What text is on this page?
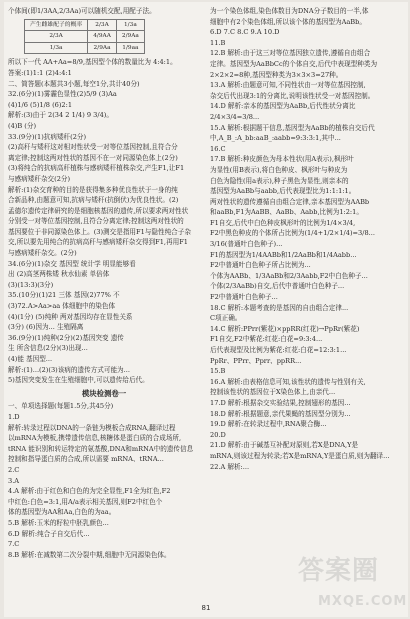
个体间(即1/3AA,2/3Aa)可以随机交配,用配子法。
产生雌雄配子的概率	2/3A	1/3a
2/3A	4/9AA	2/9Aa
1/3a	2/9Aa	1/9aa
所以下一代 AA+Aa=8/9,基因型个体的数量比为 4:4:1。
答案:(1)1:1 (2)4:4:1
二、简答题(本题共3小题,每空1分,共计40分)
32.(6分)(1)雾霾色显性(2)5/9 (3)Aa
(4)1/6 (5)1/8 (6)2:1
解析:(3)由于 2(34 2 1/4) 9 3/4)。
(4)B (分)
33.(9分)(1)抗病矮秆(2分)
(2)高秆与矮秆这对相对性状受一对等位基因控制,且符合分
离定律;控制这两对性状的基因不在一对同源染色体上(2分)
(3)将纯合的抗病高秆植株与感病矮秆植株杂交,产生F1,让F1
与感病矮秆杂交(2分)
解析:(1)杂交育种的目的是获得集多种优良性状于一身的纯
合新品种,由题意可知,抗病与矮秆(抗倒伏)为优良性状。(2)
孟德尔遗传定律研究的是细胞核基因的遗传,所以要求两对性状
分别受一对等位基因控制,且符合分离定律;控制这两对性状的
基因要位于非同源染色体上。(3)测交是指用F1与隐性纯合子杂
交,所以要先用纯合的抗病高秆与感病矮秆杂交得到F1,再用F1
与感病矮秆杂交。(2分)
34.(6分)(1)杂交 基因型 统计学 明显能够看
出 (2)高茎两株矮 秋水仙素 单倍体
(3)(13:3)(3分)
35.(10分)(1)21 三体 基因(2)77% 不
(3)72.A>Aa>aa 体细胞中的染色体
(4)(1分) (5)纯种 两对基因均存在显性关系
(3分) (6)因为... 生殖隔离
36.(9分)(1)纯种(2分)(2)基因突变 遗传
生 所含信息(2分)(3)出现...
(4)能 基因型...
解析:(1)...(2)(3)该病的遗传方式可能为...
5)基因突变发生在生殖细胞中,可以遗传给后代。
模块检测卷一
一、单项选择题(每题1.5分,共45分)
1.D
解析:转录过程以DNA的一条链为模板合成RNA,翻译过程
以mRNA为模板,携带遗传信息,核糖体是蛋白质的合成场所,
tRNA 能识别和转运特定的氨基酸,DNA和mRNA中的遗传信息
控制和指导蛋白质的合成,所以需要 mRNA、tRNA...
2.C
3.A
4.A 解析:由于红色和白色的为完全显性,F1全为红色,F2
中红色:白色=3:1,用A/a表示相关基因,则F2中红色个
体的基因型为AA和Aa,白色的为aa。
5.B 解析:玉米的籽粒中胚乳颜色...
6.D 解析:纯合子自交后代...
7.C
8.B 解析:在减数第二次分裂中期,细胞中无同源染色体。
为一个染色体组,染色体数目为DNA分子数目的一半,体
细胞中有2个染色体组,所以该个体的基因型为AaBb。
6.D 7.C 8.C 9.A 10.D
11.B
12.B 解析:由于这三对等位基因独立遗传,遵循自由组合
定律。基因型为AaBbCc的个体自交,后代中表现型种类为
2×2×2=8种,基因型种类为3×3×3=27种。
13.A 解析:由题意可知,不同性状由一对等位基因控制,
杂交后代出现3:1的分离比,说明该性状受一对基因控制。
14.D 解析:亲本的基因型为AaBb,后代性状分离比
2/4×3/4=3/8...
15.A 解析:根据题干信息,基因型为AaBb的植株自交后代
中,A_B_:A_bb:aaB_:aabb=9:3:3:1,其中...
16.C
17.B 解析:种皮颜色为母本性状(用A表示),枫形叶
为显性(用B表示),将白色种皮、枫形叶与种皮为
白色为隐性(用a表示),种子黑色为显性,则亲本的
基因型为AaBb与aabb,后代表现型比为1:1:1:1。
两对性状的遗传遵循自由组合定律,亲本基因型为AABb
和aaBb,F1为AaBB、AaBb、Aabb,比例为1:2:1。
F1自交,后代中白色种皮枫形叶的比例为1/4×3/4,
F2中黑色种皮的个体所占比例为(1/4+1/2×1/4)=3/8...
3/16(普通叶白色种子)...
F1的基因型为1/4AABb和1/2AaBb和1/4Aabb...
F2中普通叶白色种子所占比例为...
个体为AABb、1/3AaBb和2/3Aabb,F2中白色种子...
个体(2/3AaBb)自交,后代中普通叶白色种子...
F2中普通叶白色种子...
18.C 解析:本题考查的是基因的自由组合定律...
C项正确。
14.C 解析:PPrr(紫花)×ppRR(红花)→PpRr(紫花)
F1自交,F2中紫花:红花:白花=9:3:4...
后代表现型及比例为紫花:红花:白花=12:3:1...
PpRr、PPrr、Pprr、ppRR...
15.B
16.A 解析:由表格信息可知,该性状的遗传与性别有关,
控制该性状的基因位于X染色体上,由亲代...
17.D 解析:根据杂交实验结果,控制翅形的基因...
18.D 解析:根据题意,亲代果蝇的基因型分别为...
19.D 解析:在转录过程中,RNA聚合酶...
20.D
21.D 解析:由于碱基互补配对原则,若X是DNA,Y是
mRNA,则该过程为转录;若X是mRNA,Y是蛋白质,则为翻译...
22.A 解析:...
81
答案圈
MXQE.COM
